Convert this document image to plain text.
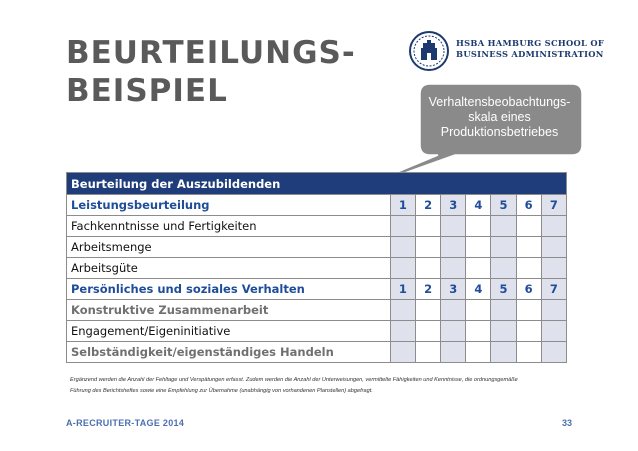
BEURTEILUNGS-
BEISPIEL
HSBA HAMBURG SCHOOL OF
BUSINESS ADMINISTRATION
Verhaltensbeobachtungs-
skala eines
Produktionsbetriebes
Beurteilung der Auszubildenden							
Leistungsbeurteilung	1	2	3	4	5	6	7
Fachkenntnisse und Fertigkeiten							
Arbeitsmenge							
Arbeitsgüte							
Persönliches und soziales Verhalten	1	2	3	4	5	6	7
Konstruktive Zusammenarbeit							
Engagement/Eigeninitiative							
Selbständigkeit/eigenständiges Handeln							
Ergänzend werden die Anzahl der Fehltage und Verspätungen erfasst. Zudem werden die Anzahl der Unterweisungen, vermittelte Fähigkeiten und Kenntnisse, die ordnungsgemäße
Führung des Berichtsheftes sowie eine Empfehlung zur Übernahme (unabhängig von vorhandenen Planstellen) abgefragt.
A-RECRUITER-TAGE 2014	33
